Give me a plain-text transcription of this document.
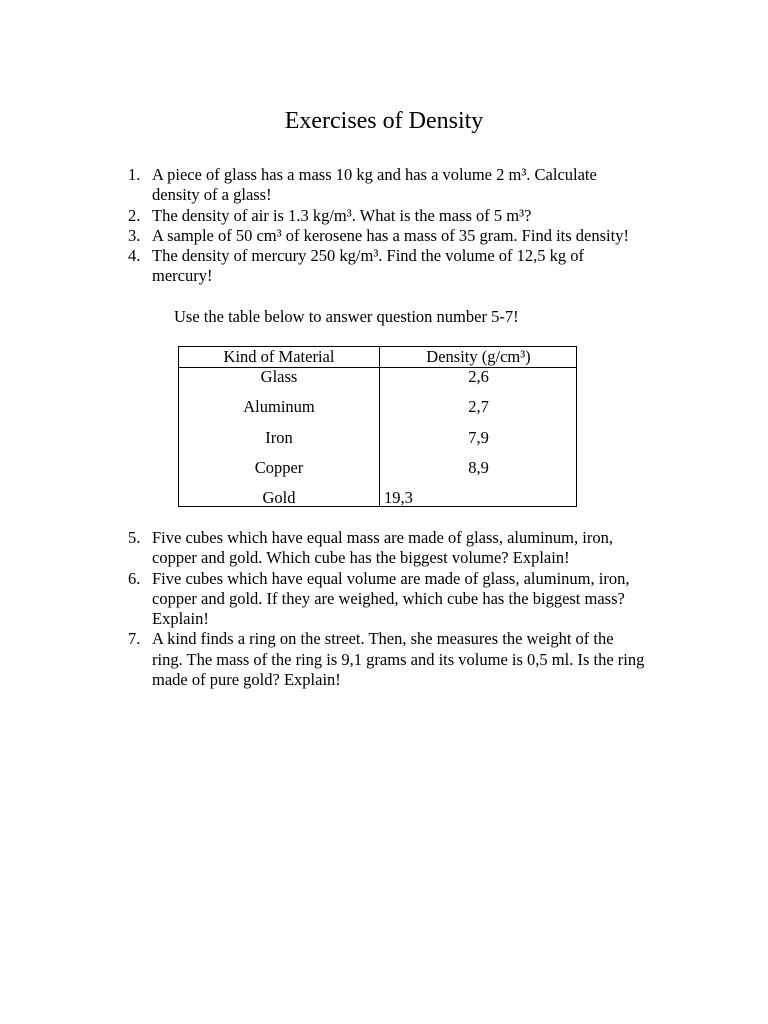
Exercises of Density
1. A piece of glass has a mass 10 kg and has a volume 2 m³. Calculate density of a glass!
2. The density of air is 1.3 kg/m³. What is the mass of 5 m³?
3. A sample of 50 cm³ of kerosene has a mass of 35 gram. Find its density!
4. The density of mercury 250 kg/m³. Find the volume of 12,5 kg of mercury!
Use the table below to answer question number 5-7!
Kind of Material	Density (g/cm³)
Glass	2,6
Aluminum	2,7
Iron	7,9
Copper	8,9
Gold	19,3
5. Five cubes which have equal mass are made of glass, aluminum, iron, copper and gold. Which cube has the biggest volume? Explain!
6. Five cubes which have equal volume are made of glass, aluminum, iron, copper and gold. If they are weighed, which cube has the biggest mass? Explain!
7. A kind finds a ring on the street. Then, she measures the weight of the ring. The mass of the ring is 9,1 grams and its volume is 0,5 ml. Is the ring made of pure gold? Explain!
